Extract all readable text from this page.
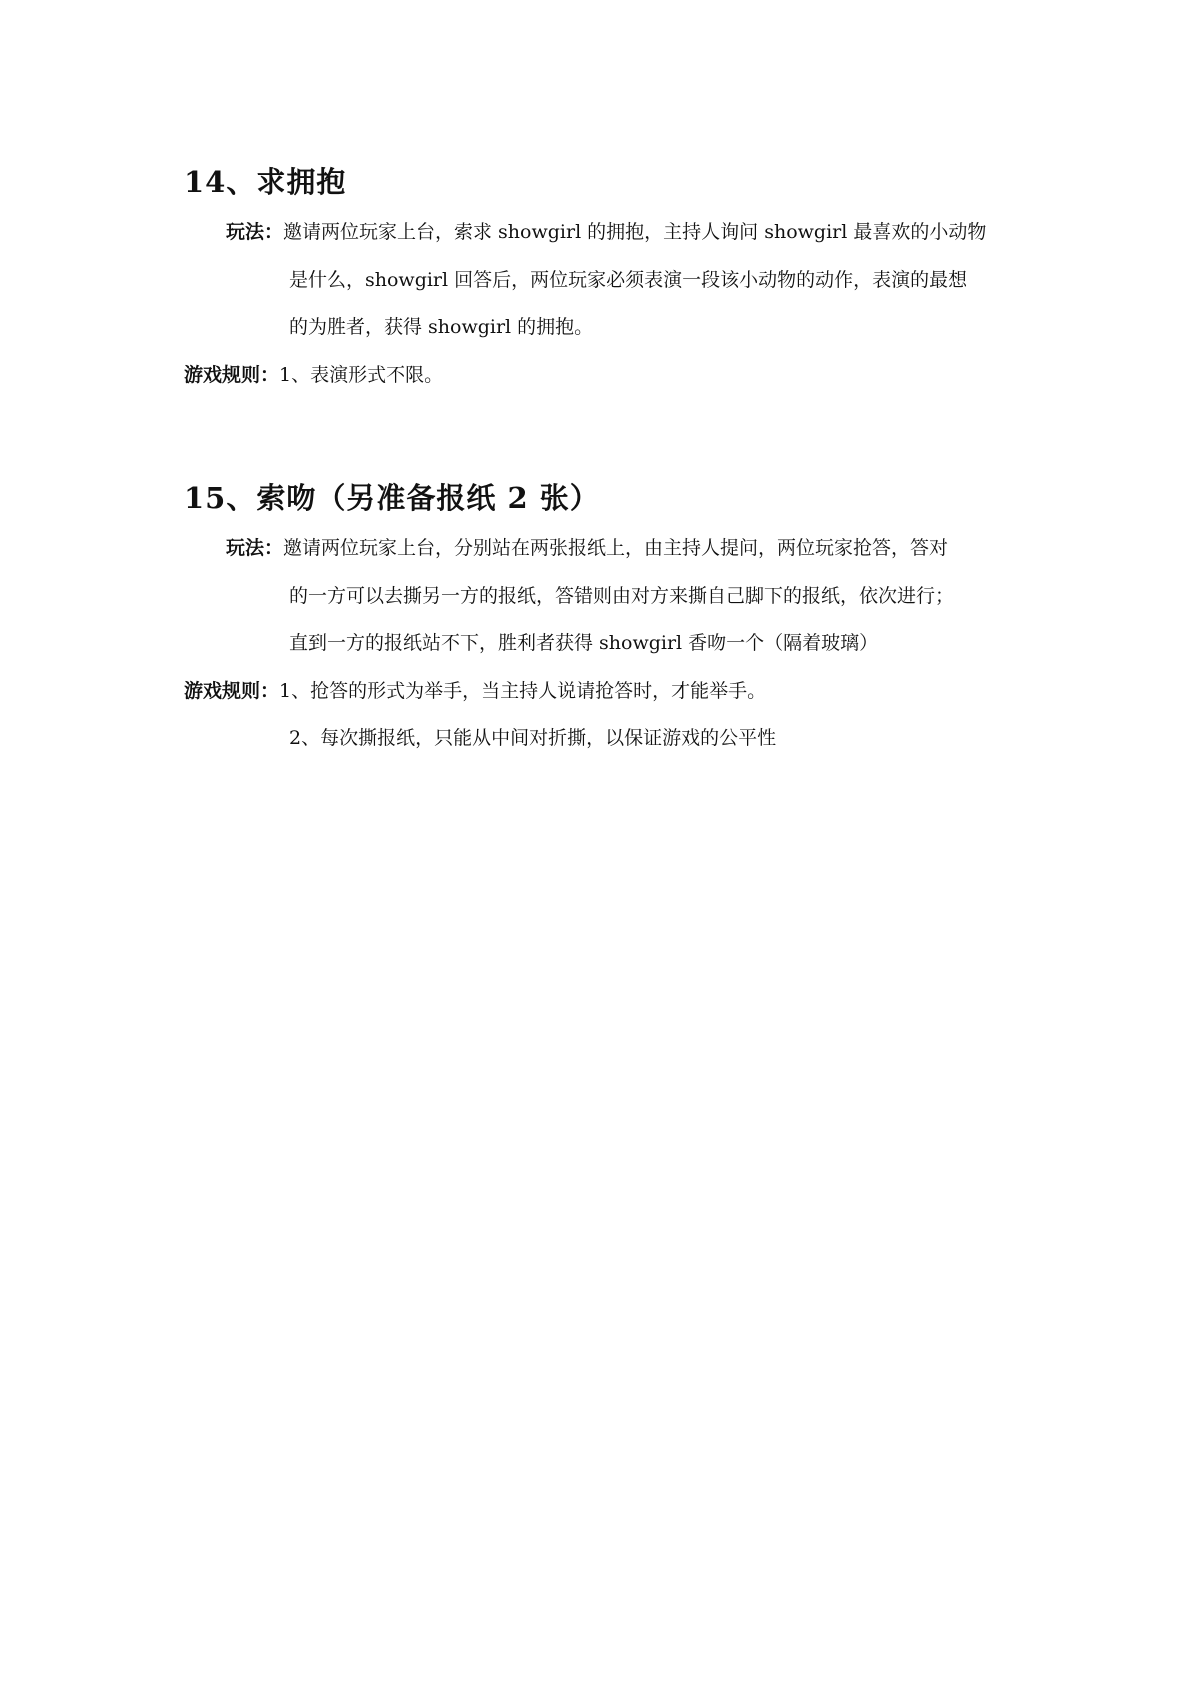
14、求拥抱
玩法：邀请两位玩家上台，索求 showgirl 的拥抱，主持人询问 showgirl 最喜欢的小动物
是什么，showgirl 回答后，两位玩家必须表演一段该小动物的动作，表演的最想
的为胜者，获得 showgirl 的拥抱。
游戏规则：1、表演形式不限。
15、索吻（另准备报纸 2 张）
玩法：邀请两位玩家上台，分别站在两张报纸上，由主持人提问，两位玩家抢答，答对
的一方可以去撕另一方的报纸，答错则由对方来撕自己脚下的报纸，依次进行；
直到一方的报纸站不下，胜利者获得 showgirl 香吻一个（隔着玻璃）
游戏规则：1、抢答的形式为举手，当主持人说请抢答时，才能举手。
2、每次撕报纸，只能从中间对折撕，以保证游戏的公平性
